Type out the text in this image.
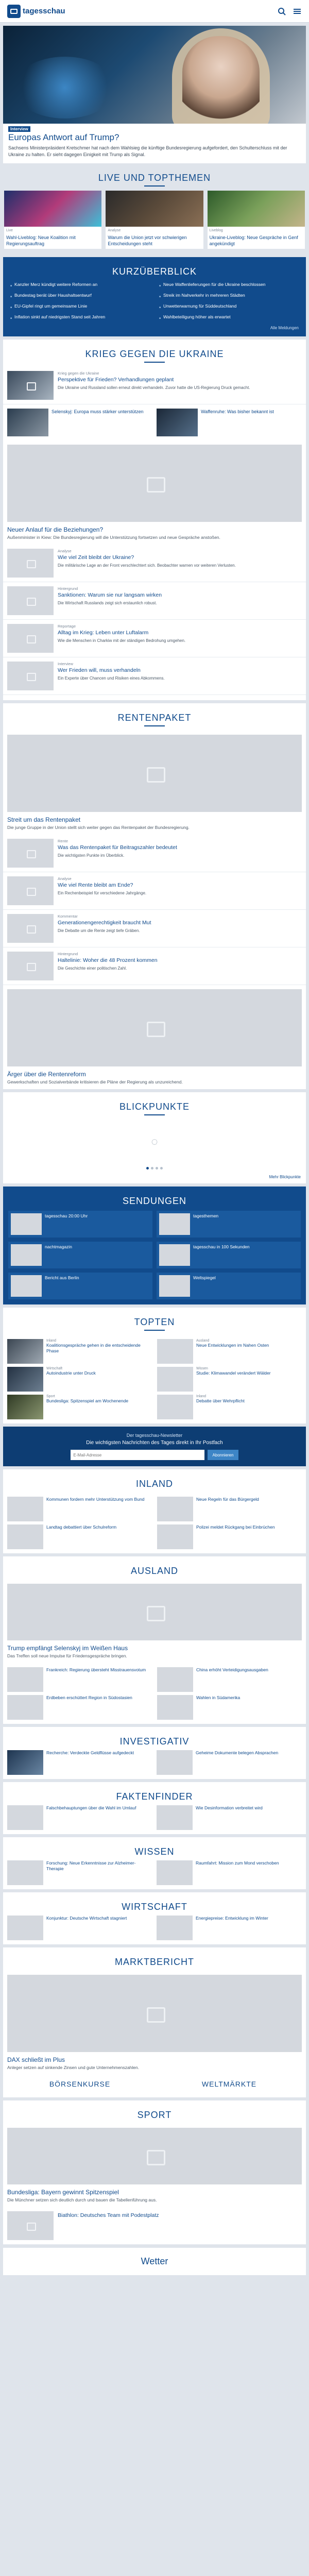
tagesschau
Interview
Europas Antwort auf Trump?
Sachsens Ministerpräsident Kretschmer hat nach dem Wahlsieg die künftige Bundesregierung aufgefordert, den Schulterschluss mit der Ukraine zu halten. Er sieht dagegen Einigkeit mit Trump als Signal.
LIVE UND TOPTHEMEN
Live
Wahl-Liveblog: Neue Koalition mit Regierungsauftrag
Analyse
Warum die Union jetzt vor schwierigen Entscheidungen steht
Liveblog
Ukraine-Liveblog: Neue Gespräche in Genf angekündigt
KURZÜBERBLICK
■ Kanzler Merz kündigt weitere Reformen an	■ Neue Waffenlieferungen für die Ukraine beschlossen
■ Bundestag berät über Haushaltsentwurf	■ Streik im Nahverkehr in mehreren Städten
■ EU-Gipfel ringt um gemeinsame Linie	■ Unwetterwarnung für Süddeutschland
■ Inflation sinkt auf niedrigsten Stand seit Jahren	■ Wahlbeteiligung höher als erwartet
Alle Meldungen
KRIEG GEGEN DIE UKRAINE
Krieg gegen die Ukraine
Perspektive für Frieden? Verhandlungen geplant
Die Ukraine und Russland sollen erneut direkt verhandeln. Zuvor hatte die US-Regierung Druck gemacht.
Selenskyj: Europa muss stärker unterstützen	Waffenruhe: Was bisher bekannt ist
Neuer Anlauf für die Beziehungen?
Außenminister in Kiew: Die Bundesregierung will die Unterstützung fortsetzen und neue Gespräche anstoßen.
Analyse
Wie viel Zeit bleibt der Ukraine?
Die militärische Lage an der Front verschlechtert sich. Beobachter warnen vor weiteren Verlusten.
Hintergrund
Sanktionen: Warum sie nur langsam wirken
Die Wirtschaft Russlands zeigt sich erstaunlich robust.
Reportage
Alltag im Krieg: Leben unter Luftalarm
Wie die Menschen in Charkiw mit der ständigen Bedrohung umgehen.
Interview
Wer Frieden will, muss verhandeln
Ein Experte über Chancen und Risiken eines Abkommens.
RENTENPAKET
Streit um das Rentenpaket
Die junge Gruppe in der Union stellt sich weiter gegen das Rentenpaket der Bundesregierung.
Rente
Was das Rentenpaket für Beitragszahler bedeutet
Die wichtigsten Punkte im Überblick.
Analyse
Wie viel Rente bleibt am Ende?
Ein Rechenbeispiel für verschiedene Jahrgänge.
Kommentar
Generationengerechtigkeit braucht Mut
Die Debatte um die Rente zeigt tiefe Gräben.
Hintergrund
Haltelinie: Woher die 48 Prozent kommen
Die Geschichte einer politischen Zahl.
Ärger über die Rentenreform
Gewerkschaften und Sozialverbände kritisieren die Pläne der Regierung als unzureichend.
BLICKPUNKTE
◌
Mehr Blickpunkte
SENDUNGEN
tagesschau 20:00 Uhr	tagesthemen
nachtmagazin	tagesschau in 100 Sekunden
Bericht aus Berlin	Weltspiegel
TOPTEN
Inland
Koalitionsgespräche gehen in die entscheidende Phase
Ausland
Neue Entwicklungen im Nahen Osten
Wirtschaft
Autoindustrie unter Druck
Wissen
Studie: Klimawandel verändert Wälder
Sport
Bundesliga: Spitzenspiel am Wochenende
Inland
Debatte über Wehrpflicht
Der tagesschau-Newsletter
Die wichtigsten Nachrichten des Tages direkt in Ihr Postfach
E-Mail-Adresse
Abonnieren
INLAND
Kommunen fordern mehr Unterstützung vom Bund	Neue Regeln für das Bürgergeld
Landtag debattiert über Schulreform	Polizei meldet Rückgang bei Einbrüchen
AUSLAND
Trump empfängt Selenskyj im Weißen Haus
Das Treffen soll neue Impulse für Friedensgespräche bringen.
Frankreich: Regierung übersteht Misstrauensvotum	China erhöht Verteidigungsausgaben
Erdbeben erschüttert Region in Südostasien	Wahlen in Südamerika
INVESTIGATIV
Recherche: Verdeckte Geldflüsse aufgedeckt	Geheime Dokumente belegen Absprachen
FAKTENFINDER
Falschbehauptungen über die Wahl im Umlauf	Wie Desinformation verbreitet wird
WISSEN
Forschung: Neue Erkenntnisse zur Alzheimer-Therapie
Raumfahrt: Mission zum Mond verschoben
WIRTSCHAFT
Konjunktur: Deutsche Wirtschaft stagniert	Energiepreise: Entwicklung im Winter
MARKTBERICHT
DAX schließt im Plus
Anleger setzen auf sinkende Zinsen und gute Unternehmenszahlen.
BÖRSENKURSE	WELTMÄRKTE
SPORT
Bundesliga: Bayern gewinnt Spitzenspiel
Die Münchner setzen sich deutlich durch und bauen die Tabellenführung aus.
Biathlon: Deutsches Team mit Podestplatz
Wetter
